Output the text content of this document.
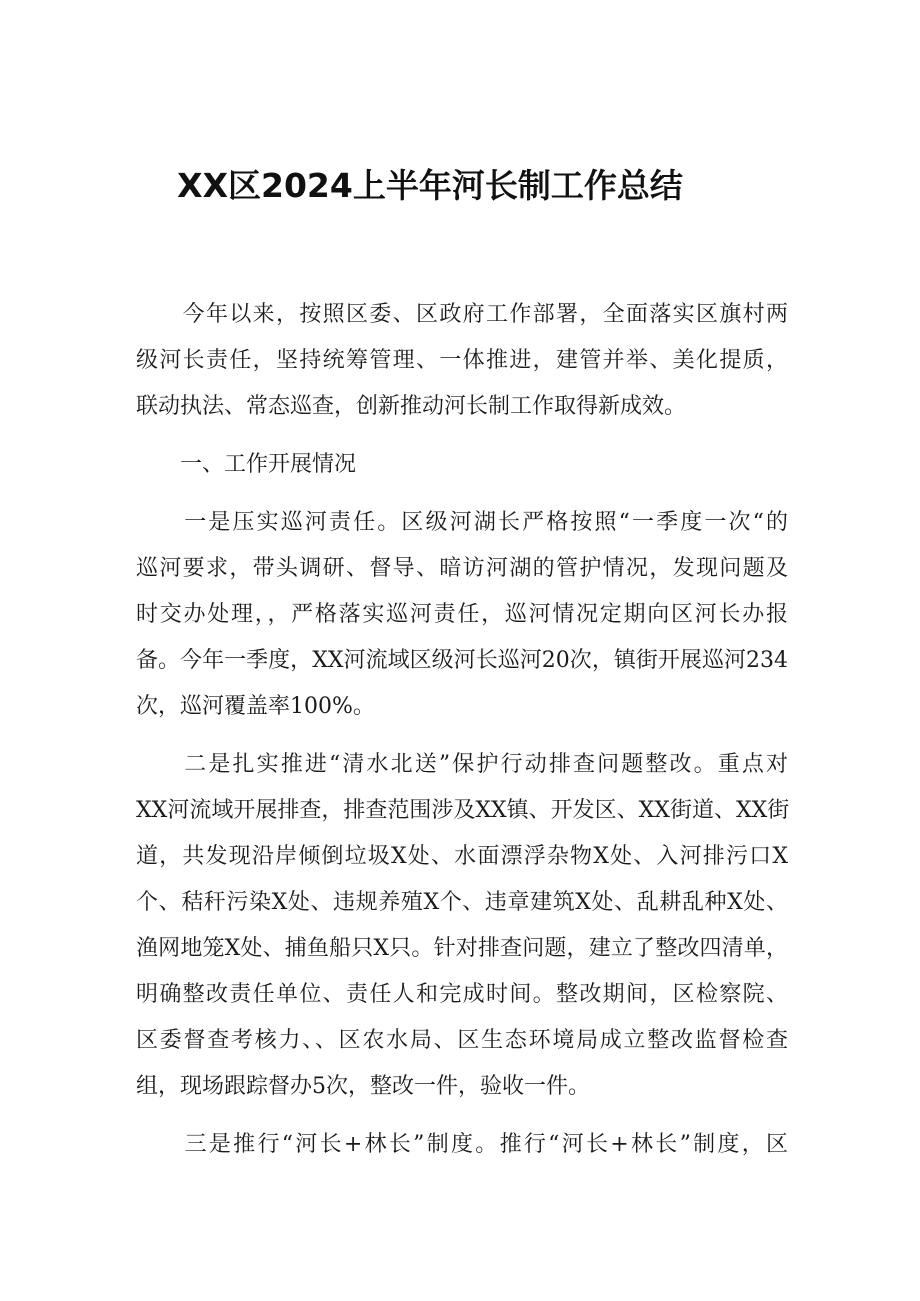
XX区2024上半年河长制工作总结
　　今年以来，按照区委、区政府工作部署，全面落实区旗村两
级河长责任，坚持统筹管理、一体推进，建管并举、美化提质，
联动执法、常态巡查，创新推动河长制工作取得新成效。
　　一、工作开展情况
　　一是压实巡河责任。区级河湖长严格按照“一季度一次“的
巡河要求，带头调研、督导、暗访河湖的管护情况，发现问题及
时交办处理，，严格落实巡河责任，巡河情况定期向区河长办报
备。今年一季度，XX河流域区级河长巡河20次，镇街开展巡河234
次，巡河覆盖率100%。
　　二是扎实推进“清水北送”保护行动排查问题整改。重点对
XX河流域开展排查，排查范围涉及XX镇、开发区、XX街道、XX街
道，共发现沿岸倾倒垃圾X处、水面漂浮杂物X处、入河排污口X
个、秸秆污染X处、违规养殖X个、违章建筑X处、乱耕乱种X处、
渔网地笼X处、捕鱼船只X只。针对排查问题，建立了整改四清单，
明确整改责任单位、责任人和完成时间。整改期间，区检察院、
区委督查考核力、、区农水局、区生态环境局成立整改监督检查
组，现场跟踪督办5次，整改一件，验收一件。
　　三是推行“河长+林长”制度。推行“河长+林长”制度，区
